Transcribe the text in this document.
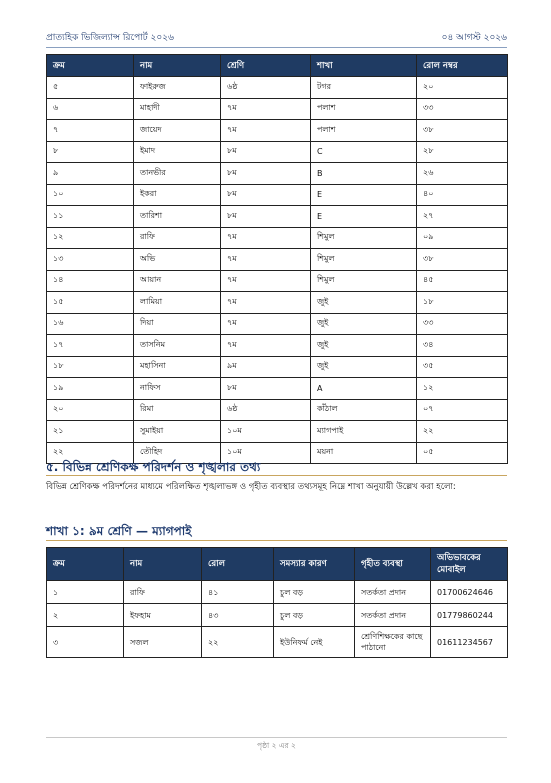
প্রাত্যহিক ভিজিল্যান্স রিপোর্ট ২০২৬	০৪ আগস্ট ২০২৬
ক্রম	নাম	শ্রেণি	শাখা	রোল নম্বর
৫	ফাইরুজ	৬ষ্ঠ	টগর	২০
৬	মাহাদী	৭ম	পলাশ	৩৩
৭	জায়েদ	৭ম	পলাশ	৩৮
৮	ইমাদ	৮ম	C	২৮
৯	তানভীর	৮ম	B	২৬
১০	ইকরা	৮ম	E	৪০
১১	তারিশা	৮ম	E	২৭
১২	রাফি	৭ম	শিমুল	০৯
১৩	অভি	৭ম	শিমুল	৩৮
১৪	আয়ান	৭ম	শিমুল	৪৫
১৫	লামিয়া	৭ম	জুই	১৮
১৬	দিয়া	৭ম	জুই	৩৩
১৭	তাসনিম	৭ম	জুই	৩৪
১৮	মহাসিনা	৯ম	জুই	৩৫
১৯	নাফিস	৮ম	A	১২
২০	রিমা	৬ষ্ঠ	কাঁঠাল	০৭
২১	সুমাইয়া	১০ম	ম্যাগপাই	২২
২২	তৌহিদ	১০ম	ময়না	০৫
৫. বিভিন্ন শ্রেণিকক্ষ পরিদর্শন ও শৃঙ্খলার তথ্য

বিভিন্ন শ্রেণিকক্ষ পরিদর্শনের মাধ্যমে পরিলক্ষিত শৃঙ্খলাভঙ্গ ও গৃহীত ব্যবস্থার তথ্যসমূহ নিম্নে শাখা অনুযায়ী উল্লেখ করা হলো:

শাখা ১: ৯ম শ্রেণি — ম্যাগপাই
ক্রম	নাম	রোল	সমস্যার কারণ	গৃহীত ব্যবস্থা	অভিভাবকের মোবাইল
১	রাফি	৪১	চুল বড়	সতর্কতা প্রদান	01700624646
২	ইফহাম	৪৩	চুল বড়	সতর্কতা প্রদান	01779860244
৩	সজল	২২	ইউনিফর্ম নেই	শ্রেণিশিক্ষকের কাছে পাঠানো	01611234567
পৃষ্ঠা ২ এর ২
